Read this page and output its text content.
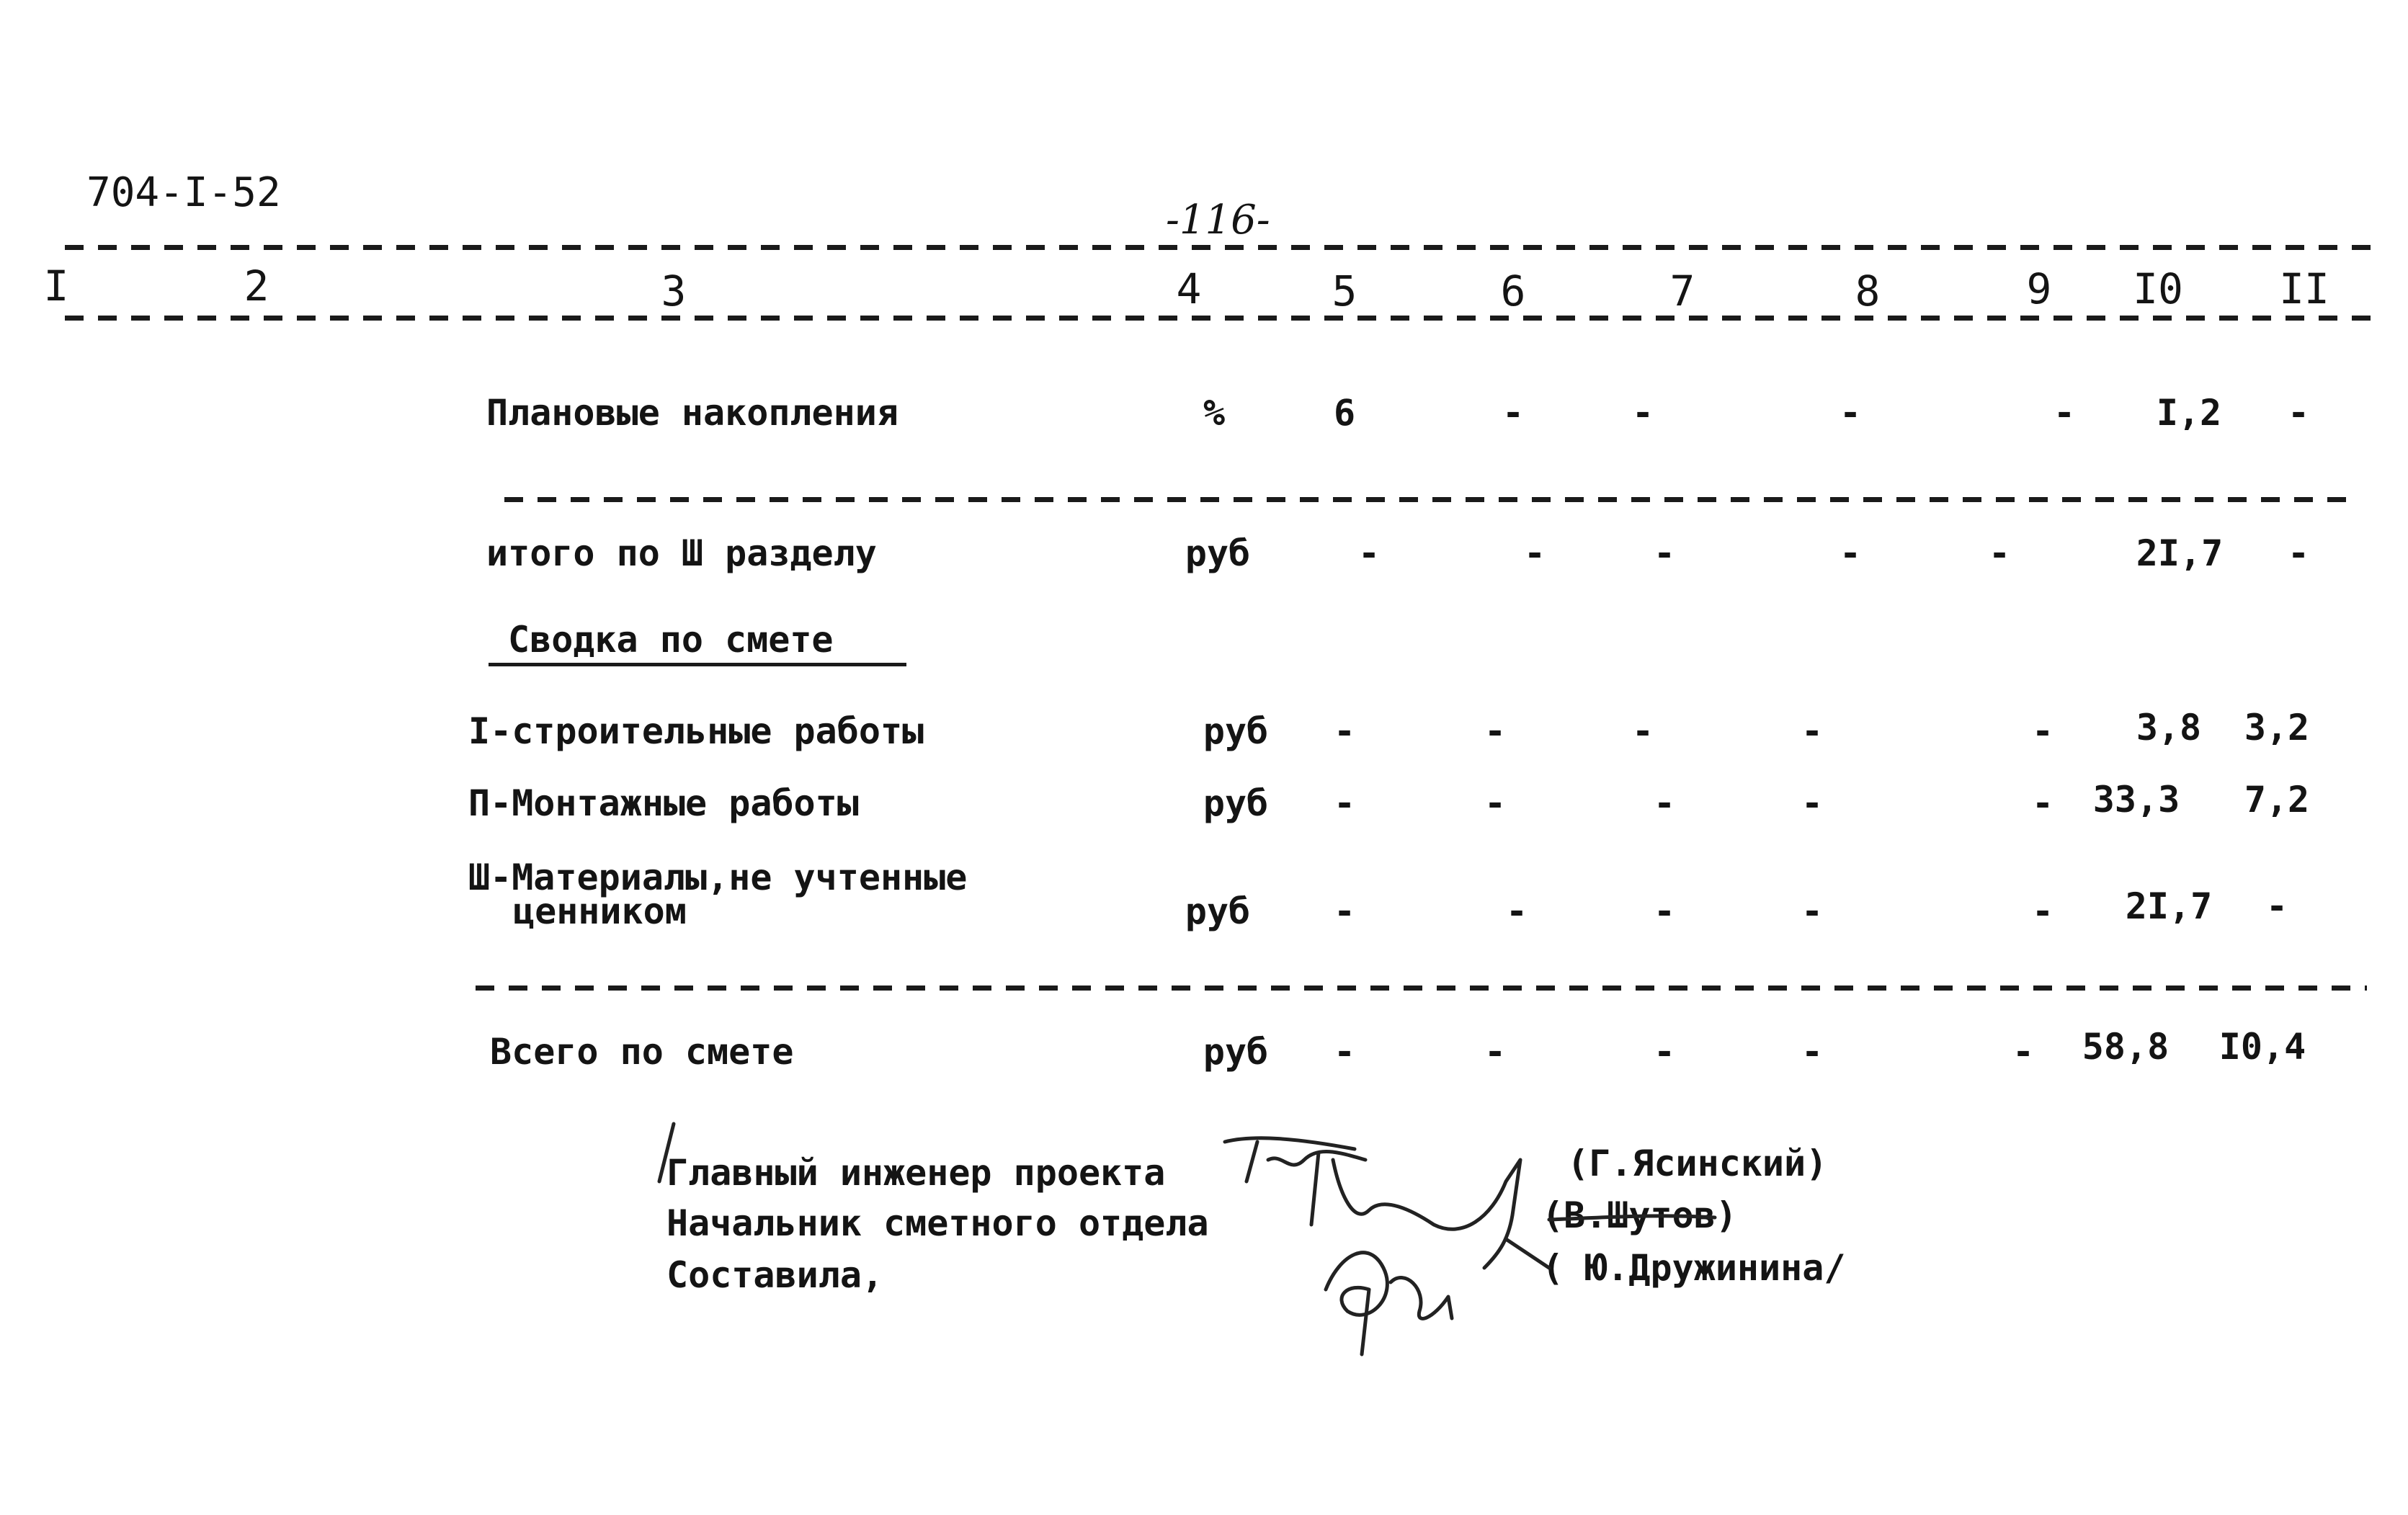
704-I-52
-116-
I	2	3	4	5	6	7	8	9 I0 II
Плановые накопления	%	6	-	-	-	- I,2 -
итого по Ш разделу	руб	-	-	-	-	-	2I,7 -
Сводка по смете
I-строительные работы	руб -	-	-	-	- 3,8 3,2
П-Монтажные работы	руб -	-	-	-	- 33,3 7,2
Ш-Материалы,не учтенные
ценником	руб -	-	-	-	- 2I,7 -
Всего по смете	руб -	-	-	-	- 58,8 I0,4
Главный инженер проекта
Начальник сметного отдела
Составила,
(Г.Ясинский)
(В.Шутов)
( Ю.Дружинина/
